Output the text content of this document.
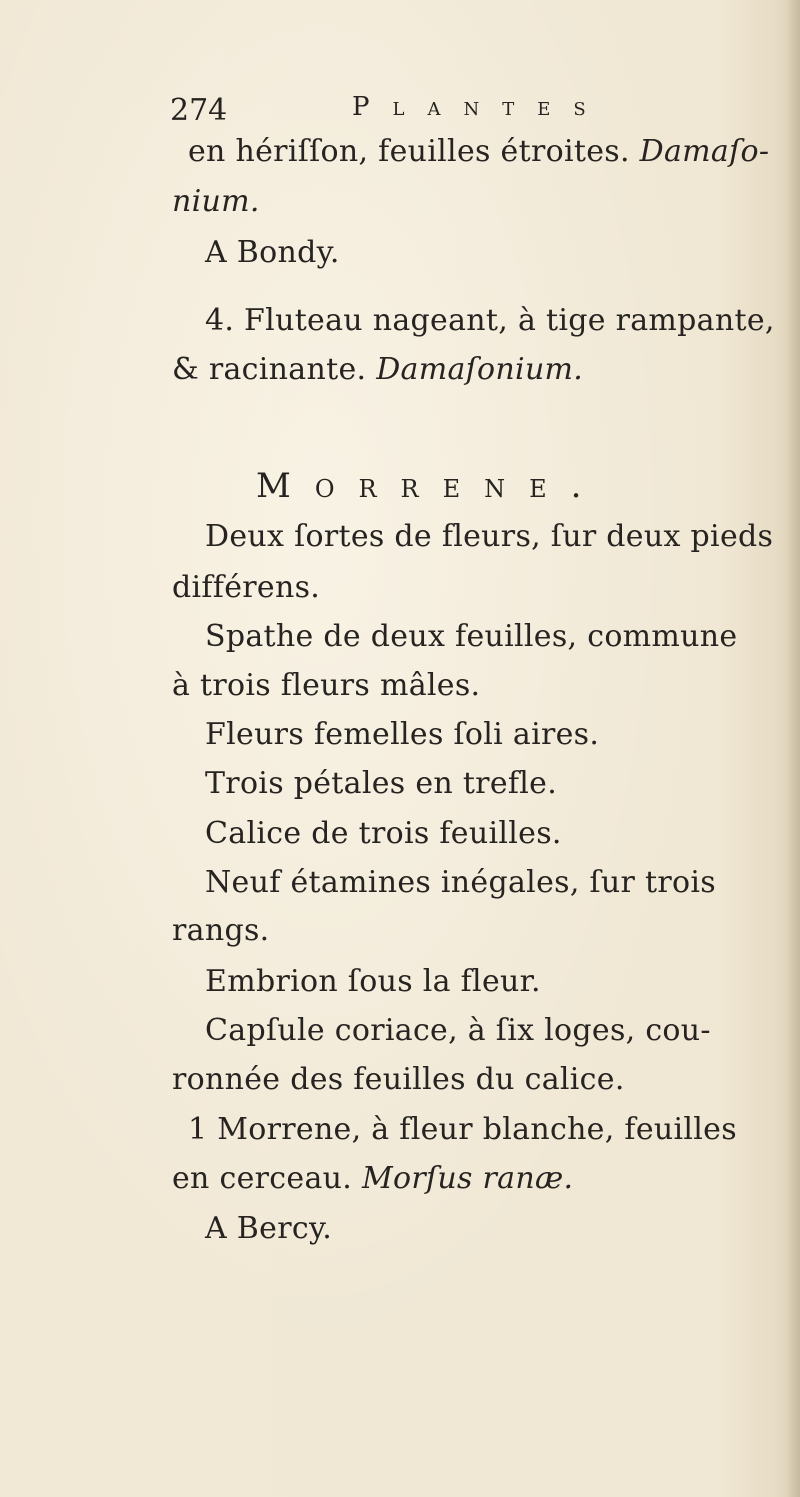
274	Plantes
en hériſſon, feuilles étroites. Damaſo-
nium.
A Bondy.
4. Fluteau nageant, à tige rampante,
& racinante. Damaſonium.
Morrene.
Deux ſortes de fleurs, ſur deux pieds
différens.
Spathe de deux feuilles, commune
à trois fleurs mâles.
Fleurs femelles ſoli aires.
Trois pétales en trefle.
Calice de trois feuilles.
Neuf étamines inégales, ſur trois
rangs.
Embrion ſous la fleur.
Capſule coriace, à ſix loges, cou-
ronnée des feuilles du calice.
1 Morrene, à fleur blanche, feuilles
en cerceau. Morſus ranæ.
A Bercy.
